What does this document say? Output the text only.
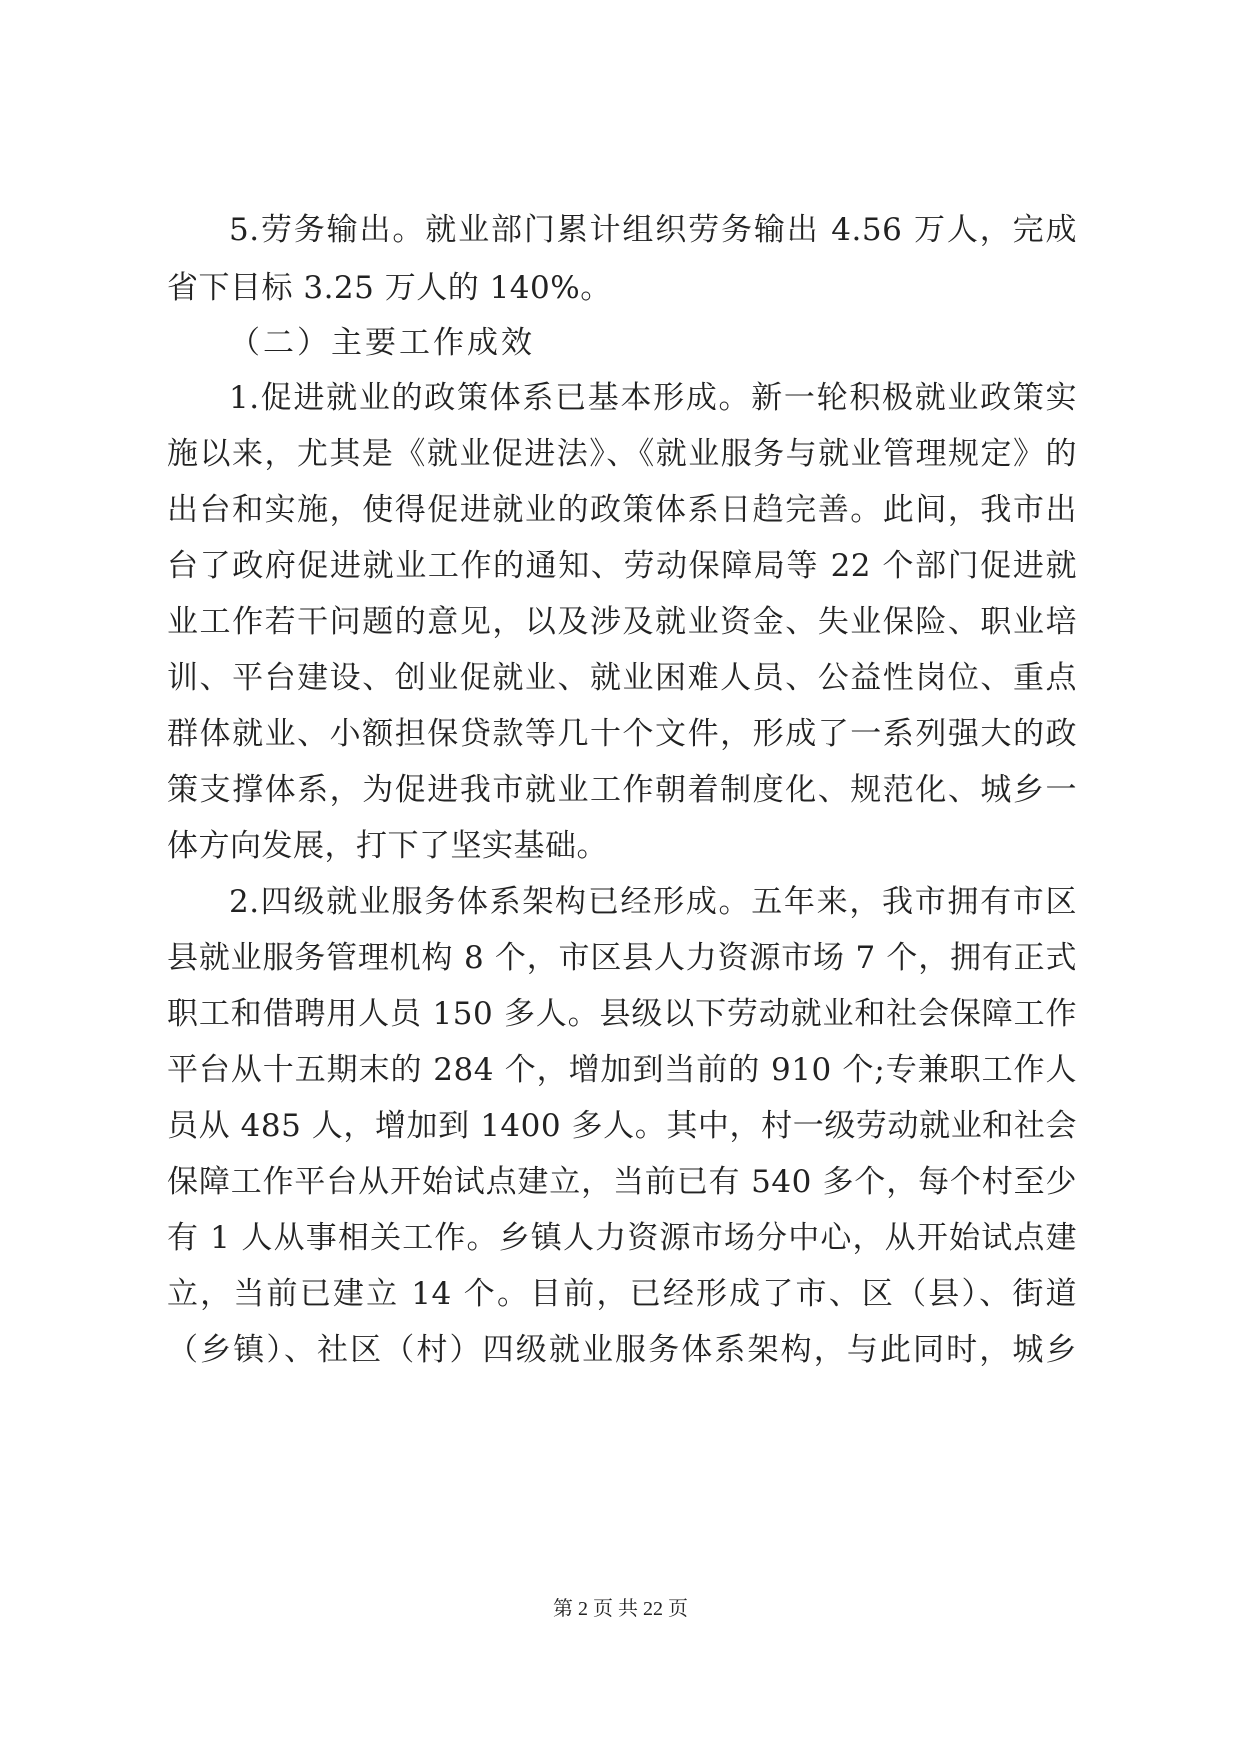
5.劳务输出。就业部门累计组织劳务输出 4.56 万人，完成
省下目标 3.25 万人的 140%。
（二）主要工作成效
1.促进就业的政策体系已基本形成。新一轮积极就业政策实
施以来，尤其是《就业促进法》、《就业服务与就业管理规定》的
出台和实施，使得促进就业的政策体系日趋完善。此间，我市出
台了政府促进就业工作的通知、劳动保障局等 22 个部门促进就
业工作若干问题的意见，以及涉及就业资金、失业保险、职业培
训、平台建设、创业促就业、就业困难人员、公益性岗位、重点
群体就业、小额担保贷款等几十个文件，形成了一系列强大的政
策支撑体系，为促进我市就业工作朝着制度化、规范化、城乡一
体方向发展，打下了坚实基础。
2.四级就业服务体系架构已经形成。五年来，我市拥有市区
县就业服务管理机构 8 个，市区县人力资源市场 7 个，拥有正式
职工和借聘用人员 150 多人。县级以下劳动就业和社会保障工作
平台从十五期末的 284 个，增加到当前的 910 个;专兼职工作人
员从 485 人，增加到 1400 多人。其中，村一级劳动就业和社会
保障工作平台从开始试点建立，当前已有 540 多个，每个村至少
有 1 人从事相关工作。乡镇人力资源市场分中心，从开始试点建
立，当前已建立 14 个。目前，已经形成了市、区（县）、街道
（乡镇）、社区（村）四级就业服务体系架构，与此同时，城乡
第 2 页 共 22 页
